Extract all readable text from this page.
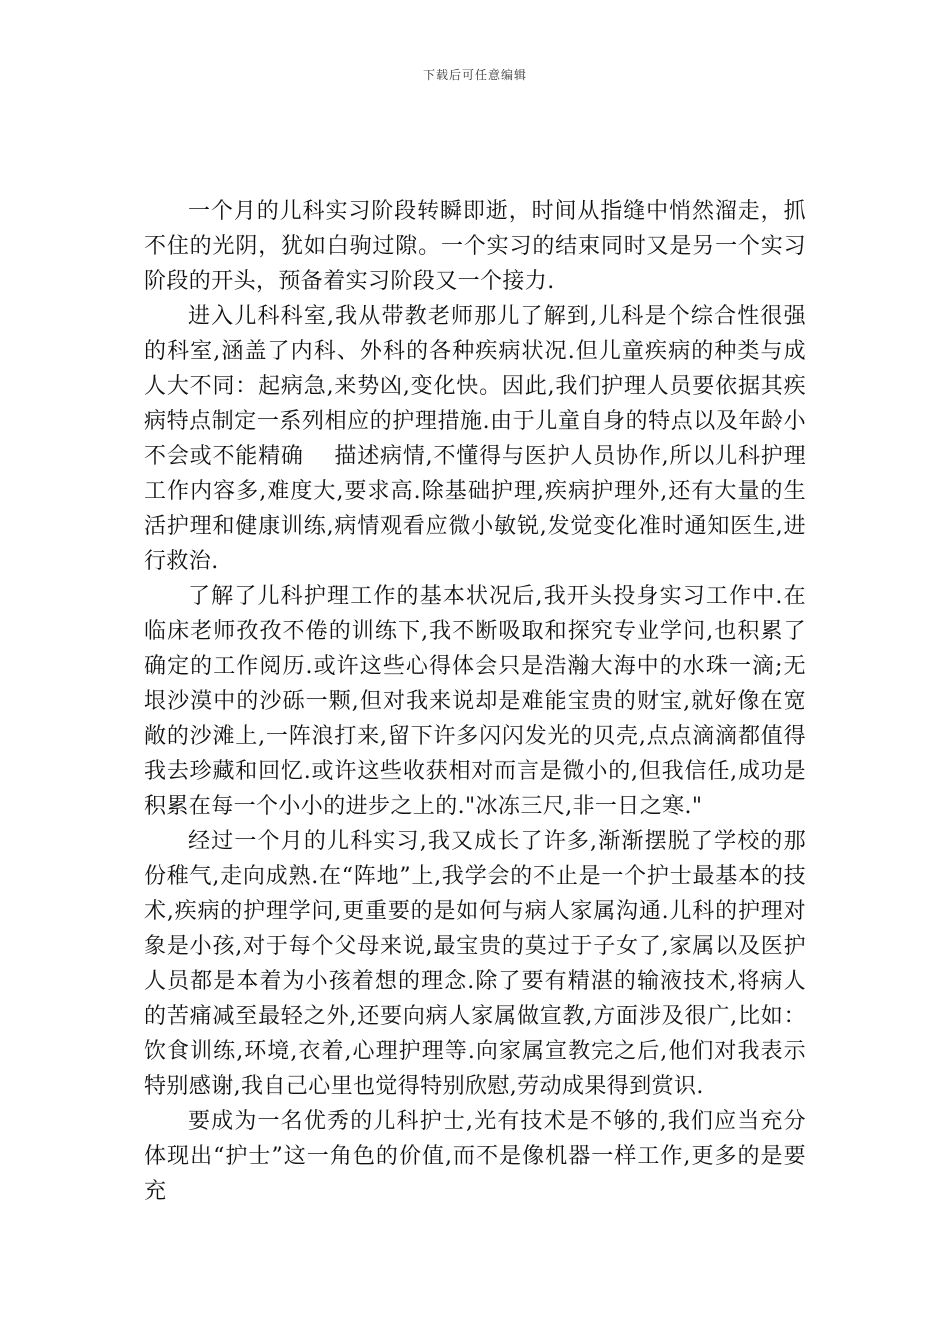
下载后可任意编辑

一个月的儿科实习阶段转瞬即逝，时间从指缝中悄然溜走，抓不住的光阴，犹如白驹过隙。一个实习的结束同时又是另一个实习阶段的开头，预备着实习阶段又一个接力.

进入儿科科室,我从带教老师那儿了解到,儿科是个综合性很强的科室,涵盖了内科、外科的各种疾病状况.但儿童疾病的种类与成人大不同：起病急,来势凶,变化快。因此,我们护理人员要依据其疾病特点制定一系列相应的护理措施.由于儿童自身的特点以及年龄小不会或不能精确　 描述病情,不懂得与医护人员协作,所以儿科护理工作内容多,难度大,要求高.除基础护理,疾病护理外,还有大量的生活护理和健康训练,病情观看应微小敏锐,发觉变化准时通知医生,进行救治.

了解了儿科护理工作的基本状况后,我开头投身实习工作中.在临床老师孜孜不倦的训练下,我不断吸取和探究专业学问,也积累了确定的工作阅历.或许这些心得体会只是浩瀚大海中的水珠一滴;无垠沙漠中的沙砾一颗,但对我来说却是难能宝贵的财宝,就好像在宽敞的沙滩上,一阵浪打来,留下许多闪闪发光的贝壳,点点滴滴都值得我去珍藏和回忆.或许这些收获相对而言是微小的,但我信任,成功是积累在每一个小小的进步之上的."冰冻三尺,非一日之寒."

经过一个月的儿科实习,我又成长了许多,渐渐摆脱了学校的那份稚气,走向成熟.在“阵地”上,我学会的不止是一个护士最基本的技术,疾病的护理学问,更重要的是如何与病人家属沟通.儿科的护理对象是小孩,对于每个父母来说,最宝贵的莫过于子女了,家属以及医护人员都是本着为小孩着想的理念.除了要有精湛的输液技术,将病人的苦痛减至最轻之外,还要向病人家属做宣教,方面涉及很广,比如：饮食训练,环境,衣着,心理护理等.向家属宣教完之后,他们对我表示特别感谢,我自己心里也觉得特别欣慰,劳动成果得到赏识.

要成为一名优秀的儿科护士,光有技术是不够的,我们应当充分体现出“护士”这一角色的价值,而不是像机器一样工作,更多的是要充
